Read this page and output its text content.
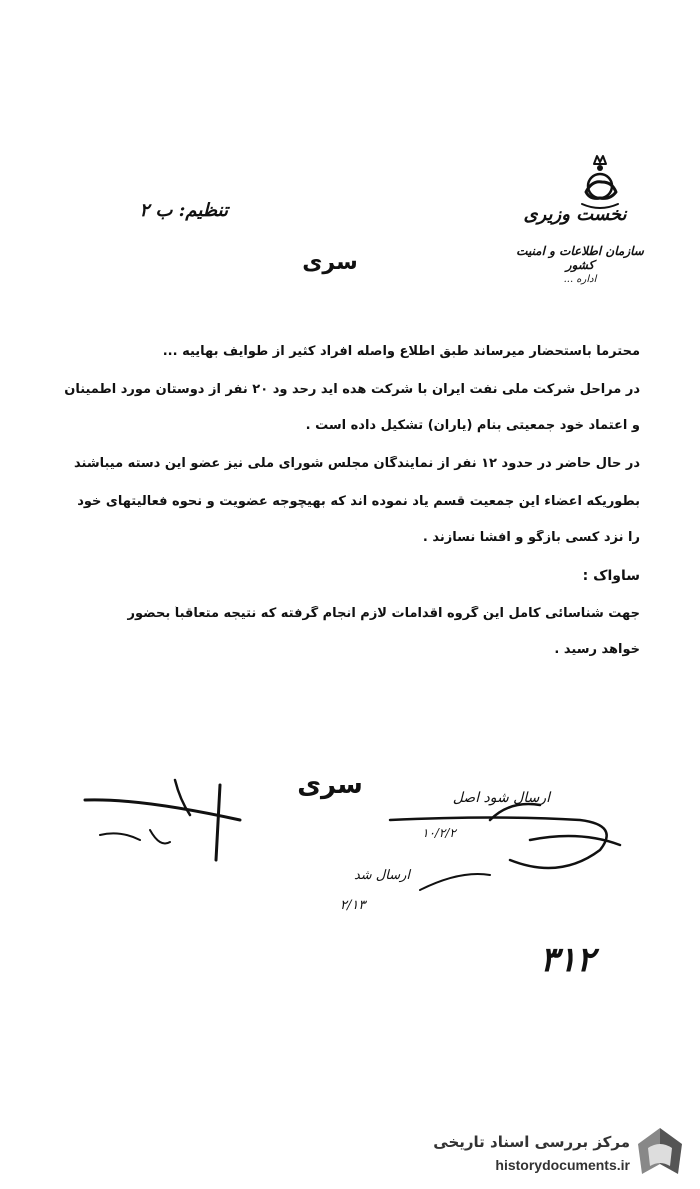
نخست وزیری
سازمان اطلاعات و امنیت کشور
اداره ...
تنظیم: ب ۲
سری
محترماً باستحضار میرساند طبق اطلاع واصله افراد کثیر از طوایف بهاییه ...
در مراحل شرکت ملی نفت ایران با شرکت هده اید رحد ود ۲۰ نفر از دوستان مورد اطمینان
و اعتماد خود جمعیتی بنام (یاران) تشکیل داده است .
در حال حاضر در حدود ۱۲ نفر از نمایندگان مجلس شورای ملی نیز عضو این دسته میباشند
بطوریکه اعضاء این جمعیت قسم یاد نموده اند که بهیچوجه عضویت و نحوه فعالیتهای خود
را نزد کسی بازگو و افشا نسازند .
ساواک :
جهت شناسائی کامل این گروه اقدامات لازم انجام گرفته که نتیجه متعاقباً بحضور
خواهد رسید .
سری	ارسال شود اصل
۱۰/۲/۲
ارسال شد
۲/۱۳
۳۱۲
مرکز بررسی اسناد تاریخی
historydocuments.ir
